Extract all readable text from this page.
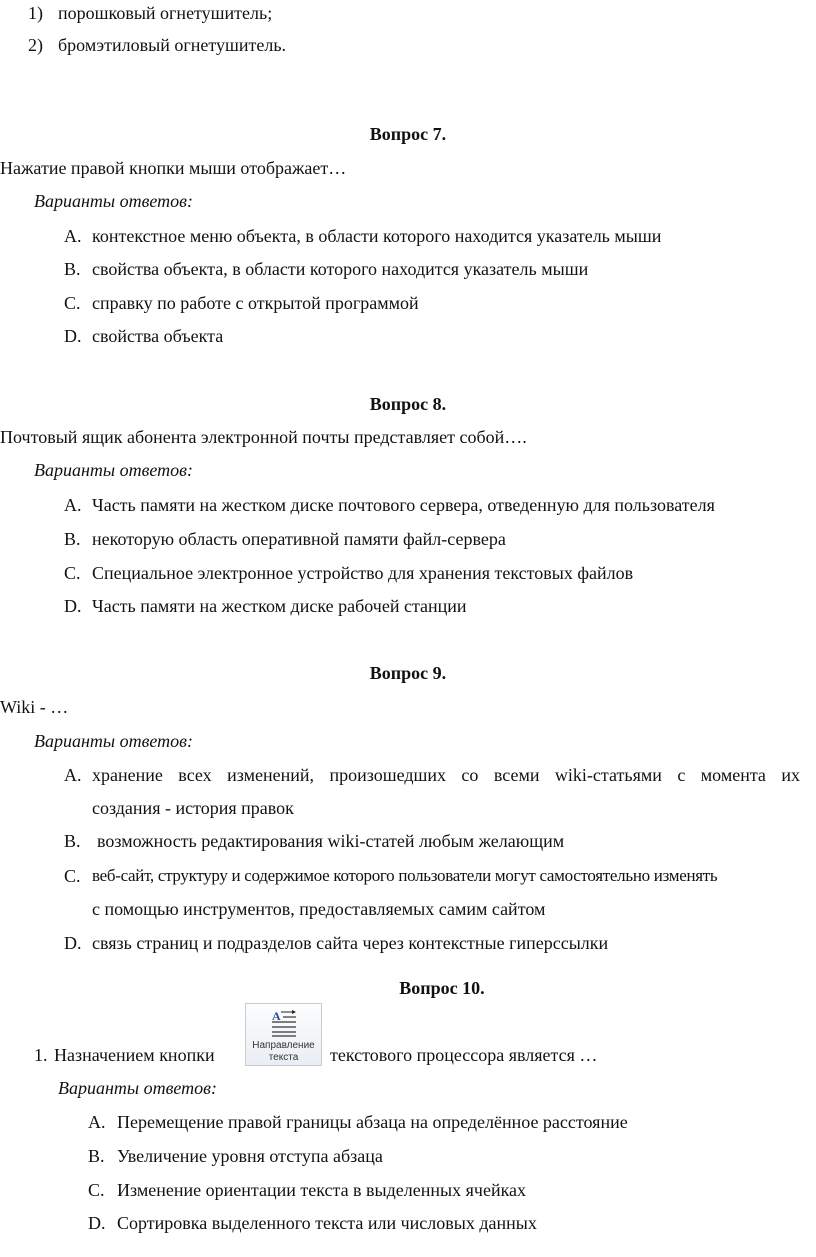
1) порошковый огнетушитель;
2) бромэтиловый огнетушитель.
Вопрос 7.
Нажатие правой кнопки мыши отображает…
Варианты ответов:
A. контекстное меню объекта, в области которого находится указатель мыши
B. свойства объекта, в области которого находится указатель мыши
C. справку по работе с открытой программой
D. свойства объекта
Вопрос 8.
Почтовый ящик абонента электронной почты представляет собой….
Варианты ответов:
A. Часть памяти на жестком диске почтового сервера, отведенную для пользователя
B. некоторую область оперативной памяти файл-сервера
C. Специальное электронное устройство для хранения текстовых файлов
D. Часть памяти на жестком диске рабочей станции
Вопрос 9.
Wiki - …
Варианты ответов:
A. хранение всех изменений, произошедших со всеми wiki-статьями с момента их
создания - история правок
B. возможность редактирования wiki-статей любым желающим
C. веб-сайт, структуру и содержимое которого пользователи могут самостоятельно изменять
с помощью инструментов, предоставляемых самим сайтом
D. связь страниц и подразделов сайта через контекстные гиперссылки
Вопрос 10.
1. Назначением кнопки
A
Направление
текста	текстового процессора является …
Варианты ответов:
A. Перемещение правой границы абзаца на определённое расстояние
B. Увеличение уровня отступа абзаца
C. Изменение ориентации текста в выделенных ячейках
D. Сортировка выделенного текста или числовых данных
